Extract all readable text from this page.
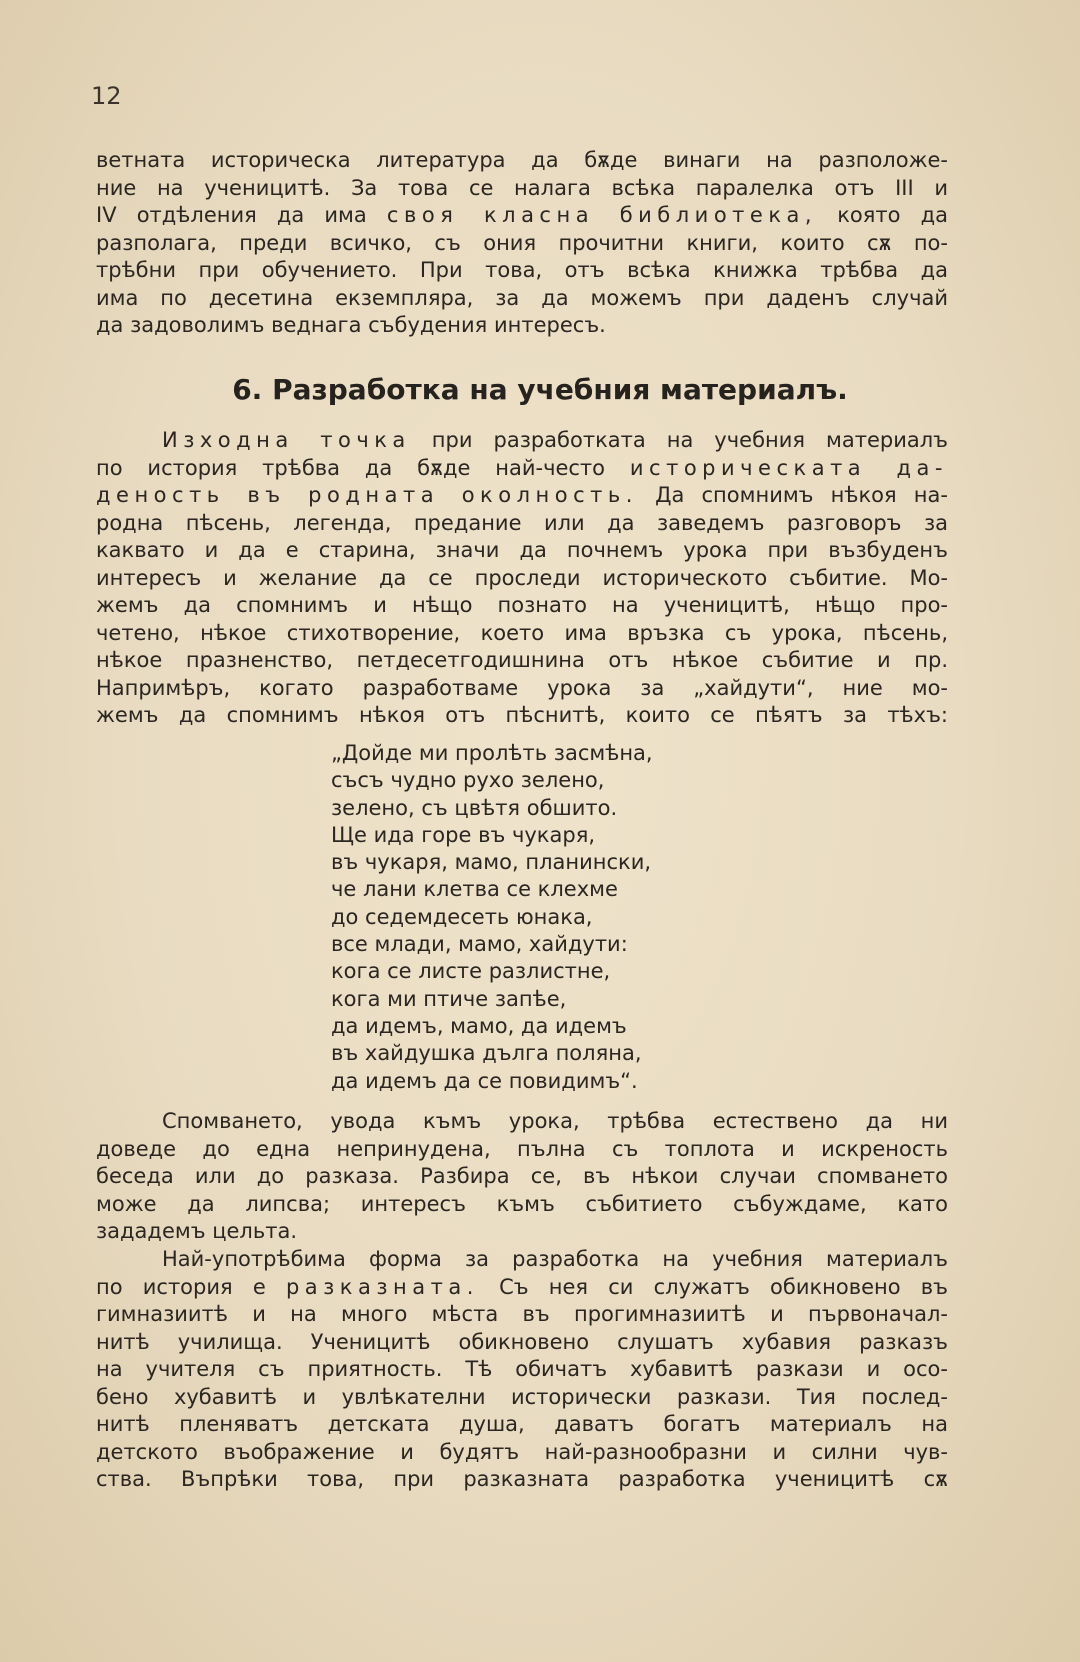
12
ветната историческа литература да бѫде винаги на разположе-
ние на ученицитѣ. За това се налага всѣка паралелка отъ III и
IV отдѣления да има своя класна библиотека, която да
разполага, преди всичко, съ ония прочитни книги, които сѫ по-
трѣбни при обучението. При това, отъ всѣка книжка трѣбва да
има по десетина екземпляра, за да можемъ при даденъ случай
да задоволимъ веднага събудения интересъ.
6. Разработка на учебния материалъ.
Изходна точка при разработката на учебния материалъ
по история трѣбва да бѫде най-често историческата да-
деность въ родната околность. Да спомнимъ нѣкоя на-
родна пѣсень, легенда, предание или да заведемъ разговоръ за
каквато и да е старина, значи да почнемъ урока при възбуденъ
интересъ и желание да се проследи историческото събитие. Мо-
жемъ да спомнимъ и нѣщо познато на ученицитѣ, нѣщо про-
четено, нѣкое стихотворение, което има връзка съ урока, пѣсень,
нѣкое празненство, петдесетгодишнина отъ нѣкое събитие и пр.
Напримѣръ, когато разработваме урока за „хайдути“, ние мо-
жемъ да спомнимъ нѣкоя отъ пѣснитѣ, които се пѣятъ за тѣхъ:
„Дойде ми пролѣть засмѣна,
съсъ чудно рухо зелено,
зелено, съ цвѣтя обшито.
Ще ида горе въ чукаря,
въ чукаря, мамо, планински,
че лани клетва се клехме
до седемдесеть юнака,
все млади, мамо, хайдути:
кога се листе разлистне,
кога ми птиче запѣе,
да идемъ, мамо, да идемъ
въ хайдушка дълга поляна,
да идемъ да се повидимъ“.
Спомването, увода къмъ урока, трѣбва естествено да ни
доведе до една непринудена, пълна съ топлота и искреность
беседа или до разказа. Разбира се, въ нѣкои случаи спомването
може да липсва; интересъ къмъ събитието събуждаме, като
зададемъ цельта.
Най-употрѣбима форма за разработка на учебния материалъ
по история е разказната. Съ нея си служатъ обикновено въ
гимназиитѣ и на много мѣста въ прогимназиитѣ и първоначал-
нитѣ училища. Ученицитѣ обикновено слушатъ хубавия разказъ
на учителя съ приятность. Тѣ обичатъ хубавитѣ разкази и осо-
бено хубавитѣ и увлѣкателни исторически разкази. Тия послед-
нитѣ пленяватъ детската душа, даватъ богатъ материалъ на
детското въображение и будятъ най-разнообразни и силни чув-
ства. Въпрѣки това, при разказната разработка ученицитѣ сѫ
